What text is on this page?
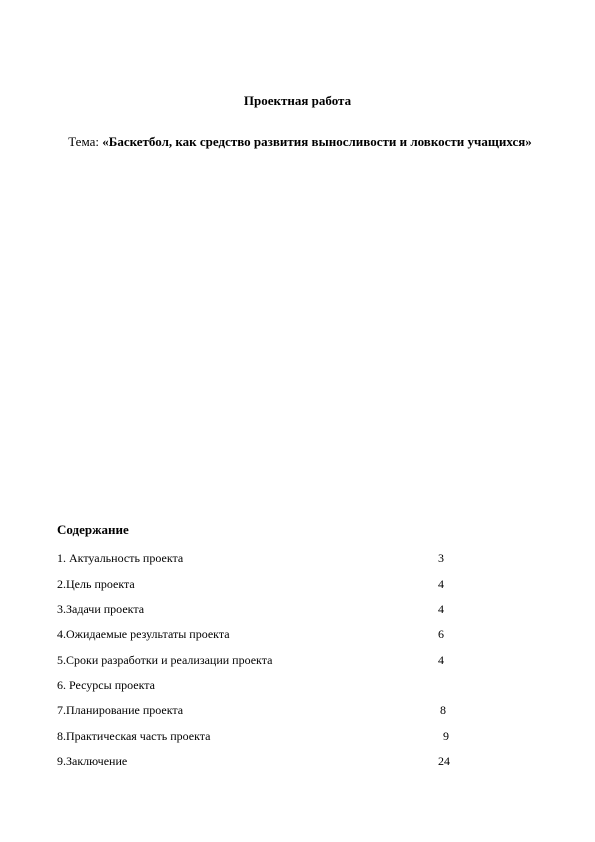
Проектная работа
Тема: «Баскетбол, как средство развития выносливости и ловкости учащихся»
Содержание
1. Актуальность проекта	3
2.Цель проекта	4
3.Задачи проекта	4
4.Ожидаемые результаты проекта	6
5.Сроки разработки и реализации проекта	4
6. Ресурсы проекта
7.Планирование проекта	8
8.Практическая часть проекта	9
9.Заключение	24
